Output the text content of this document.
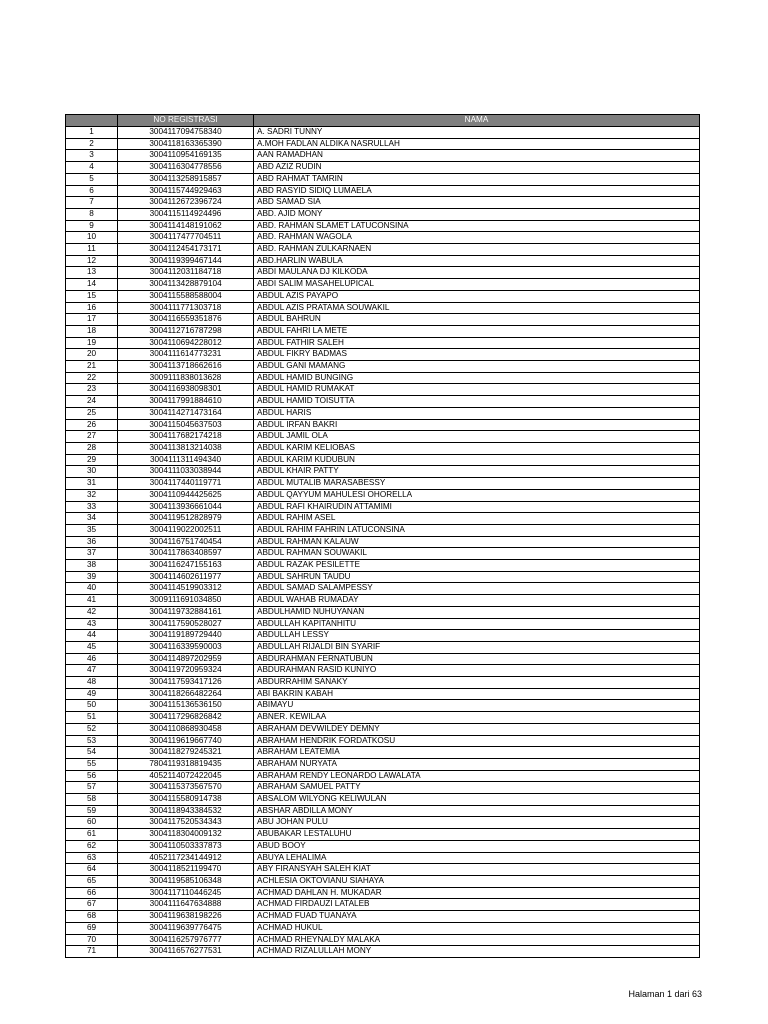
	NO REGISTRASI	NAMA
1	3004117094758340	A. SADRI TUNNY
2	3004118163365390	A.MOH FADLAN ALDIKA NASRULLAH
3	3004110954169135	AAN RAMADHAN
4	3004116304778556	ABD AZIZ RUDIN
5	3004113258915857	ABD RAHMAT TAMRIN
6	3004115744929463	ABD RASYID SIDIQ LUMAELA
7	3004112672396724	ABD SAMAD SIA
8	3004115114924496	ABD. AJID MONY
9	3004114148191062	ABD. RAHMAN SLAMET LATUCONSINA
10	3004117477704511	ABD. RAHMAN WAGOLA
11	3004112454173171	ABD. RAHMAN ZULKARNAEN
12	3004119399467144	ABD.HARLIN WABULA
13	3004112031184718	ABDI MAULANA DJ KILKODA
14	3004113428879104	ABDI SALIM MASAHELUPICAL
15	3004115588588004	ABDUL AZIS PAYAPO
16	3004111771303718	ABDUL AZIS PRATAMA SOUWAKIL
17	3004116559351876	ABDUL BAHRUN
18	3004112716787298	ABDUL FAHRI LA METE
19	3004110694228012	ABDUL FATHIR SALEH
20	3004111614773231	ABDUL FIKRY BADMAS
21	3004113718662616	ABDUL GANI MAMANG
22	3009111838013628	ABDUL HAMID BUNGING
23	3004116938098301	ABDUL HAMID RUMAKAT
24	3004117991884610	ABDUL HAMID TOISUTTA
25	3004114271473164	ABDUL HARIS
26	3004115045637503	ABDUL IRFAN BAKRI
27	3004117682174218	ABDUL JAMIL OLA
28	3004113813214038	ABDUL KARIM KELIOBAS
29	3004111311494340	ABDUL KARIM KUDUBUN
30	3004111033038944	ABDUL KHAIR PATTY
31	3004117440119771	ABDUL MUTALIB MARASABESSY
32	3004110944425625	ABDUL QAYYUM MAHULESI OHORELLA
33	3004113936661044	ABDUL RAFI KHAIRUDIN ATTAMIMI
34	3004119512828979	ABDUL RAHIM ASEL
35	3004119022002511	ABDUL RAHIM FAHRIN LATUCONSINA
36	3004116751740454	ABDUL RAHMAN KALAUW
37	3004117863408597	ABDUL RAHMAN SOUWAKIL
38	3004116247155163	ABDUL RAZAK PESILETTE
39	3004114602611977	ABDUL SAHRUN TAUDU
40	3004114519903312	ABDUL SAMAD SALAMPESSY
41	3009111691034850	ABDUL WAHAB RUMADAY
42	3004119732884161	ABDULHAMID NUHUYANAN
43	3004117590528027	ABDULLAH KAPITANHITU
44	3004119189729440	ABDULLAH LESSY
45	3004116339590003	ABDULLAH RIJALDI BIN SYARIF
46	3004114897202959	ABDURAHMAN FERNATUBUN
47	3004119720959324	ABDURAHMAN RASID KUNIYO
48	3004117593417126	ABDURRAHIM SANAKY
49	3004118266482264	ABI BAKRIN KABAH
50	3004115136536150	ABIMAYU
51	3004117296826842	ABNER. KEWILAA
52	3004110868930458	ABRAHAM DEVWILDEY DEMNY
53	3004119619667740	ABRAHAM HENDRIK FORDATKOSU
54	3004118279245321	ABRAHAM LEATEMIA
55	7804119318819435	ABRAHAM NURYATA
56	4052114072422045	ABRAHAM RENDY LEONARDO LAWALATA
57	3004115373567570	ABRAHAM SAMUEL PATTY
58	3004115580914738	ABSALOM WILYONG KELIWULAN
59	3004118943384532	ABSHAR ABDILLA MONY
60	3004117520534343	ABU JOHAN PULU
61	3004118304009132	ABUBAKAR LESTALUHU
62	3004110503337873	ABUD BOOY
63	4052117234144912	ABUYA LEHALIMA
64	3004118521199470	ABY FIRANSYAH SALEH KIAT
65	3004119585106348	ACHLESIA OKTOVIANU SIAHAYA
66	3004117110446245	ACHMAD DAHLAN H. MUKADAR
67	3004111647634888	ACHMAD FIRDAUZI LATALEB
68	3004119638198226	ACHMAD FUAD TUANAYA
69	3004119639776475	ACHMAD HUKUL
70	3004116257976777	ACHMAD RHEYNALDY MALAKA
71	3004116576277531	ACHMAD RIZALULLAH MONY
Halaman 1 dari 63
